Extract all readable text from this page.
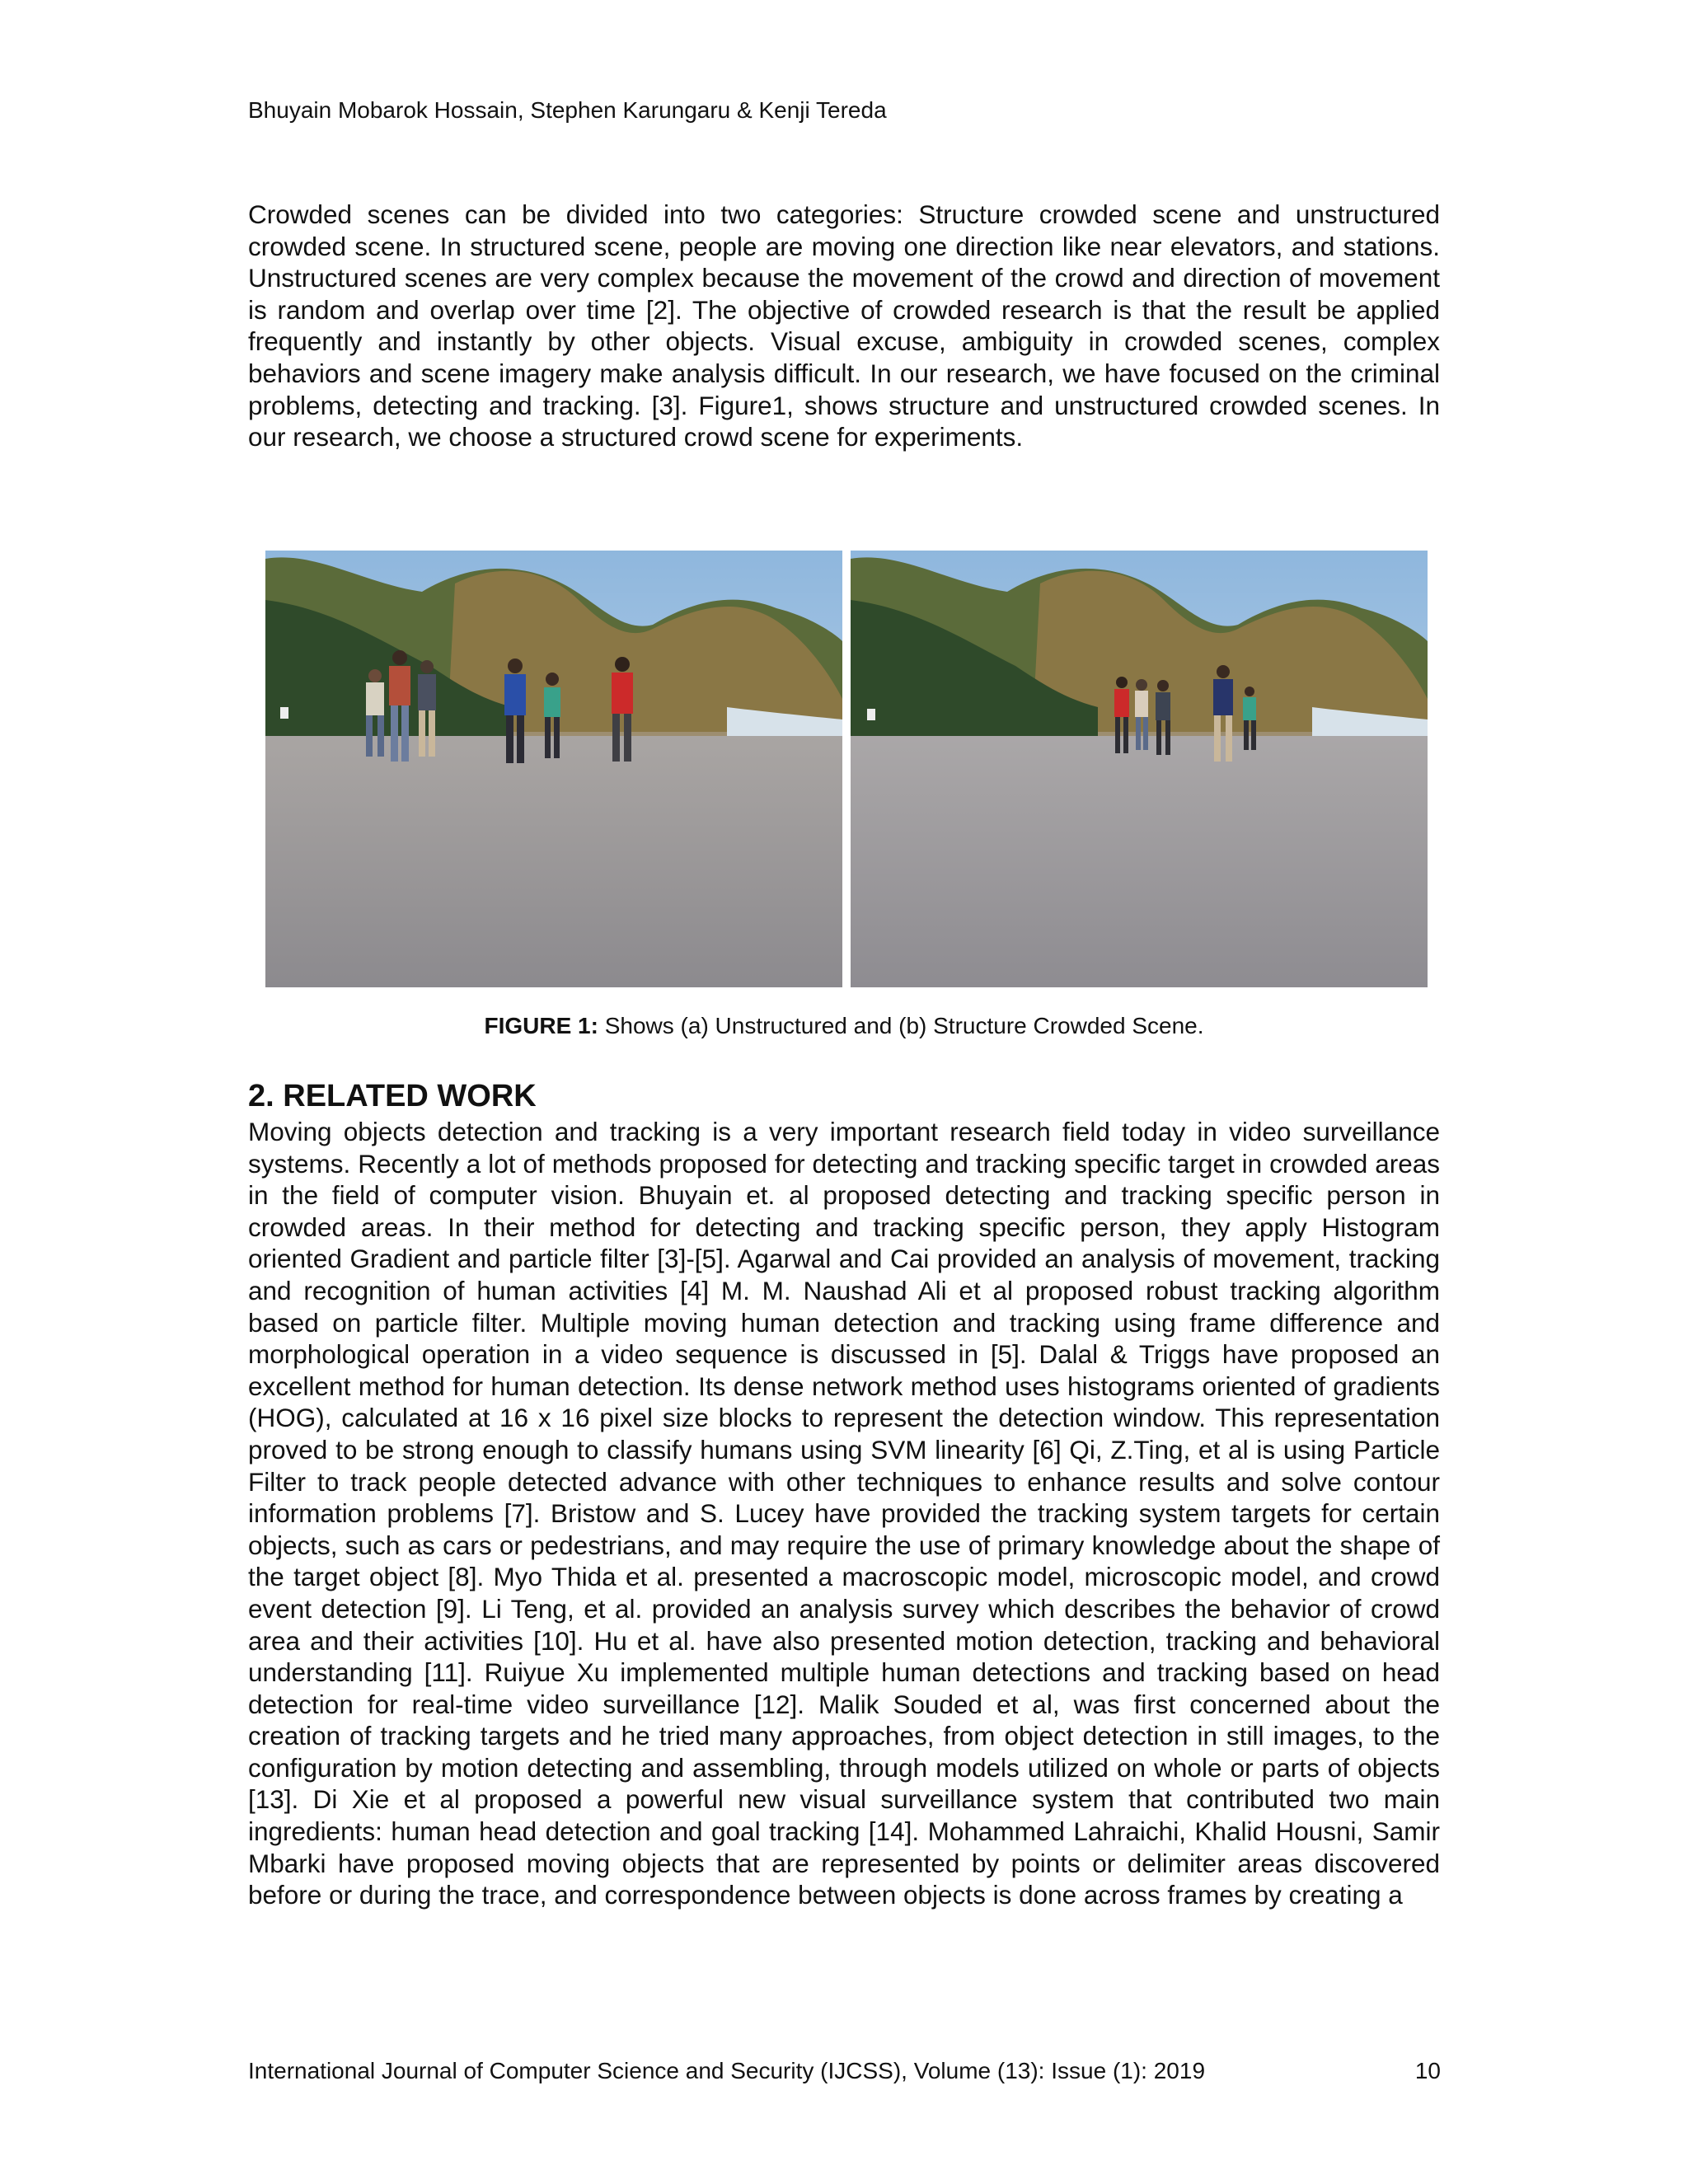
Bhuyain Mobarok Hossain, Stephen Karungaru & Kenji Tereda

Crowded scenes can be divided into two categories: Structure crowded scene and unstructured crowded scene. In structured scene, people are moving one direction like near elevators, and stations. Unstructured scenes are very complex because the movement of the crowd and direction of movement is random and overlap over time [2]. The objective of crowded research is that the result be applied frequently and instantly by other objects. Visual excuse, ambiguity in crowded scenes, complex behaviors and scene imagery make analysis difficult. In our research, we have focused on the criminal problems, detecting and tracking. [3]. Figure1, shows structure and unstructured crowded scenes. In our research, we choose a structured crowd scene for experiments.

FIGURE 1: Shows (a) Unstructured and (b) Structure Crowded Scene.
2. RELATED WORK

Moving objects detection and tracking is a very important research field today in video surveillance systems. Recently a lot of methods proposed for detecting and tracking specific target in crowded areas in the field of computer vision. Bhuyain et. al proposed detecting and tracking specific person in crowded areas. In their method for detecting and tracking specific person, they apply Histogram oriented Gradient and particle filter [3]-[5]. Agarwal and Cai provided an analysis of movement, tracking and recognition of human activities [4] M. M. Naushad Ali et al proposed robust tracking algorithm based on particle filter. Multiple moving human detection and tracking using frame difference and morphological operation in a video sequence is discussed in [5]. Dalal & Triggs have proposed an excellent method for human detection. Its dense network method uses histograms oriented of gradients (HOG), calculated at 16 x 16 pixel size blocks to represent the detection window. This representation proved to be strong enough to classify humans using SVM linearity [6] Qi, Z.Ting, et al is using Particle Filter to track people detected advance with other techniques to enhance results and solve contour information problems [7]. Bristow and S. Lucey have provided the tracking system targets for certain objects, such as cars or pedestrians, and may require the use of primary knowledge about the shape of the target object [8]. Myo Thida et al. presented a macroscopic model, microscopic model, and crowd event detection [9]. Li Teng, et al. provided an analysis survey which describes the behavior of crowd area and their activities [10]. Hu et al. have also presented motion detection, tracking and behavioral understanding [11]. Ruiyue Xu implemented multiple human detections and tracking based on head detection for real-time video surveillance [12]. Malik Souded et al, was first concerned about the creation of tracking targets and he tried many approaches, from object detection in still images, to the configuration by motion detecting and assembling, through models utilized on whole or parts of objects [13]. Di Xie et al proposed a powerful new visual surveillance system that contributed two main ingredients: human head detection and goal tracking [14]. Mohammed Lahraichi, Khalid Housni, Samir Mbarki have proposed moving objects that are represented by points or delimiter areas discovered before or during the trace, and correspondence between objects is done across frames by creating a

International Journal of Computer Science and Security (IJCSS), Volume (13): Issue (1): 2019	10
